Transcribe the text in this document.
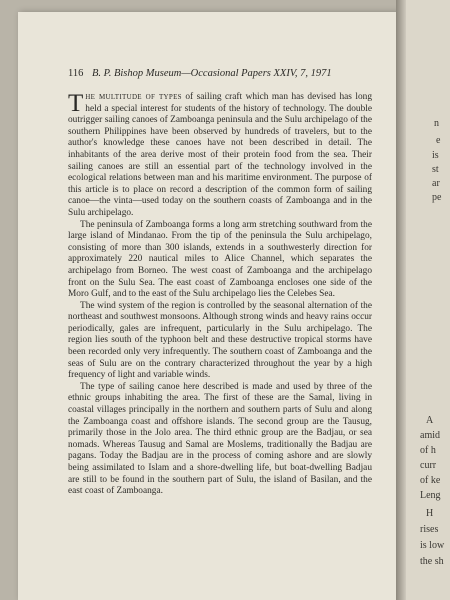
116 B. P. Bishop Museum—Occasional Papers XXIV, 7, 1971

The multitude of types of sailing craft which man has devised has long held a special interest for students of the history of technology. The double outrigger sailing canoes of Zamboanga peninsula and the Sulu archipelago of the southern Philippines have been observed by hundreds of travelers, but to the author's knowledge these canoes have not been described in detail. The inhabitants of the area derive most of their protein food from the sea. Their sailing canoes are still an essential part of the technology involved in the ecological relations between man and his maritime environment. The purpose of this article is to place on record a description of the common form of sailing canoe—the vinta—used today on the southern coasts of Zamboanga and in the Sulu archipelago.

The peninsula of Zamboanga forms a long arm stretching southward from the large island of Mindanao. From the tip of the peninsula the Sulu archipelago, consisting of more than 300 islands, extends in a southwesterly direction for approximately 220 nautical miles to Alice Channel, which separates the archipelago from Borneo. The west coast of Zamboanga and the archipelago front on the Sulu Sea. The east coast of Zamboanga encloses one side of the Moro Gulf, and to the east of the Sulu archipelago lies the Celebes Sea.

The wind system of the region is controlled by the seasonal alternation of the northeast and southwest monsoons. Although strong winds and heavy rains occur periodically, gales are infrequent, particularly in the Sulu archipelago. The region lies south of the typhoon belt and these destructive tropical storms have been recorded only very infrequently. The southern coast of Zamboanga and the seas of Sulu are on the contrary characterized throughout the year by a high frequency of light and variable winds.

The type of sailing canoe here described is made and used by three of the ethnic groups inhabiting the area. The first of these are the Samal, living in coastal villages principally in the northern and southern parts of Sulu and along the Zamboanga coast and offshore islands. The second group are the Tausug, primarily those in the Jolo area. The third ethnic group are the Badjau, or sea nomads. Whereas Tausug and Samal are Moslems, traditionally the Badjau are pagans. Today the Badjau are in the process of coming ashore and are slowly being assimilated to Islam and a shore-dwelling life, but boat-dwelling Badjau are still to be found in the southern part of Sulu, the island of Basilan, and the east coast of Zamboanga.

n
e
is
st
ar
pe
A
amid
of h
curr
of ke
Leng
H
rises
is low
the sh
